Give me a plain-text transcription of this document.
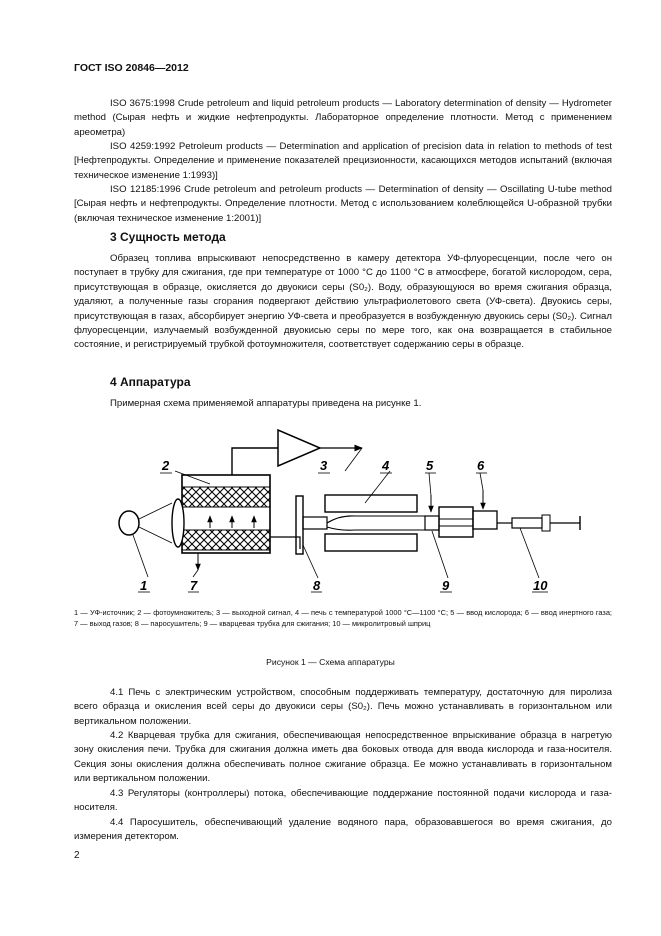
ГОСТ ISO 20846—2012

ISO 3675:1998 Crude petroleum and liquid petroleum products — Laboratory determination of density — Hydrometer method (Сырая нефть и жидкие нефтепродукты. Лабораторное определение плотности. Метод с применением ареометра)

ISO 4259:1992 Petroleum products — Determination and application of precision data in relation to methods of test [Нефтепродукты. Определение и применение показателей прецизионности, касающихся методов испытаний (включая техническое изменение 1:1993)]

ISO 12185:1996 Crude petroleum and petroleum products — Determination of density — Oscillating U-tube method [Сырая нефть и нефтепродукты. Определение плотности. Метод с использованием колеблющейся U-образной трубки (включая техническое изменение 1:2001)]

3 Сущность метода

Образец топлива впрыскивают непосредственно в камеру детектора УФ-флуоресценции, после чего он поступает в трубку для сжигания, где при температуре от 1000 °С до 1100 °С в атмосфере, богатой кислородом, сера, присутствующая в образце, окисляется до двуокиси серы (S0₂). Воду, образующуюся во время сжигания образца, удаляют, а полученные газы сгорания подвергают действию ультрафиолетового света (УФ-света). Двуокись серы, присутствующая в газах, абсорбирует энергию УФ-света и преобразуется в возбужденную двуокись серы (S0₂). Сигнал флуоресценции, излучаемый возбужденной двуокисью серы по мере того, как она возвращается в стабильное состояние, и регистрируемый трубкой фотоумножителя, соответствует содержанию серы в образце.

4 Аппаратура

Примерная схема применяемой аппаратуры приведена на рисунке 1.

1
2	3	4	5	6
7	8	9	10

1 — УФ-источник; 2 — фотоумножитель; 3 — выходной сигнал, 4 — печь с температурой 1000 °С—1100 °С; 5 — ввод кислорода; 6 — ввод инертного газа; 7 — выход газов; 8 — паросушитель; 9 — кварцевая трубка для сжигания; 10 — микролитровый шприц

Рисунок 1 — Схема аппаратуры

4.1 Печь с электрическим устройством, способным поддерживать температуру, достаточную для пиролиза всего образца и окисления всей серы до двуокиси серы (S0₂). Печь можно устанавливать в горизонтальном или вертикальном положении.

4.2 Кварцевая трубка для сжигания, обеспечивающая непосредственное впрыскивание образца в нагретую зону окисления печи. Трубка для сжигания должна иметь два боковых отвода для ввода кислорода и газа-носителя. Секция зоны окисления должна обеспечивать полное сжигание образца. Ее можно устанавливать в горизонтальном или вертикальном положении.

4.3 Регуляторы (контроллеры) потока, обеспечивающие поддержание постоянной подачи кислорода и газа-носителя.

4.4 Паросушитель, обеспечивающий удаление водяного пара, образовавшегося во время сжигания, до измерения детектором.

2
